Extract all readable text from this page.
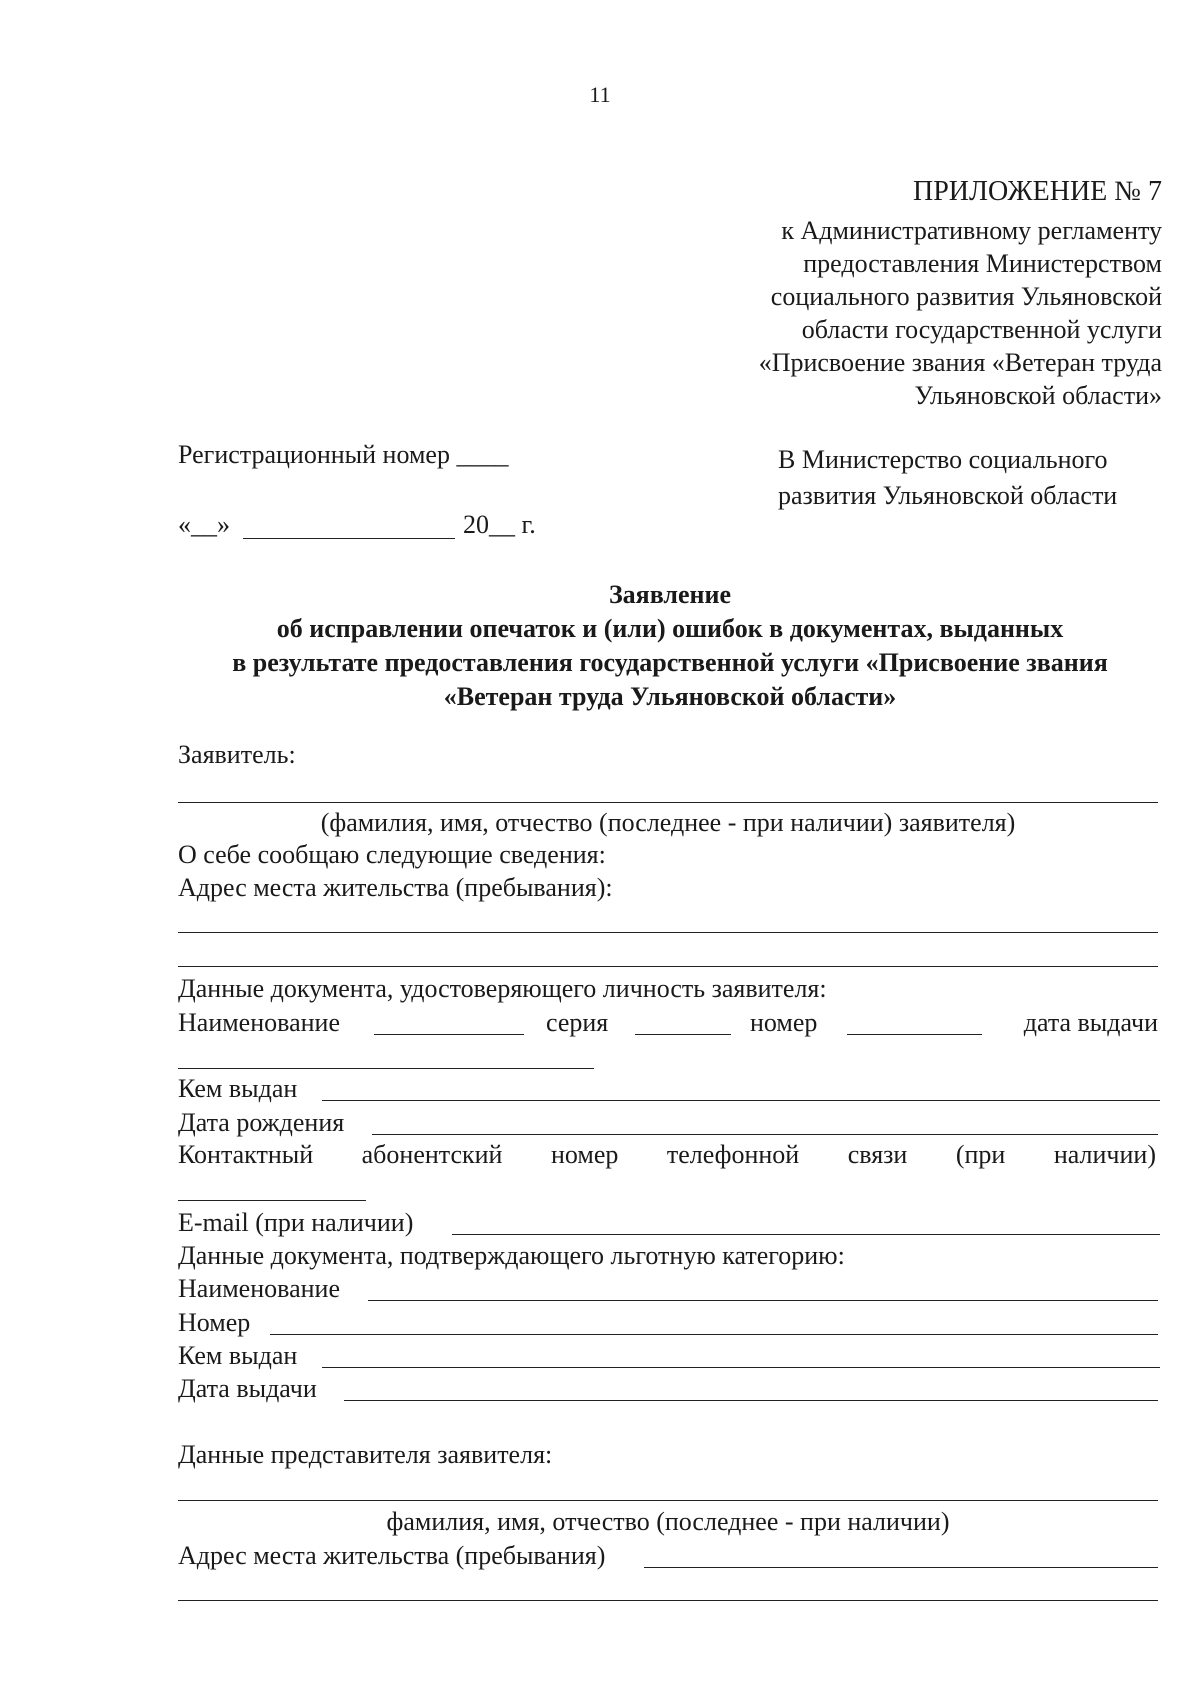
11
ПРИЛОЖЕНИЕ № 7
к Административному регламенту
предоставления Министерством
социального развития Ульяновской
области государственной услуги
«Присвоение звания «Ветеран труда
Ульяновской области»
Регистрационный номер ____	В Министерство социального
развития Ульяновской области
«__»	20__ г.
Заявление
об исправлении опечаток и (или) ошибок в документах, выданных
в результате предоставления государственной услуги «Присвоение звания
«Ветеран труда Ульяновской области»
Заявитель:
(фамилия, имя, отчество (последнее - при наличии) заявителя)
О себе сообщаю следующие сведения:
Адрес места жительства (пребывания):
Данные документа, удостоверяющего личность заявителя:
Наименование	серия	номер	дата выдачи
Кем выдан
Дата рождения
Контактный абонентский номер телефонной связи (при наличии)
E-mail (при наличии)
Данные документа, подтверждающего льготную категорию:
Наименование
Номер
Кем выдан
Дата выдачи
Данные представителя заявителя:
фамилия, имя, отчество (последнее - при наличии)
Адрес места жительства (пребывания)
